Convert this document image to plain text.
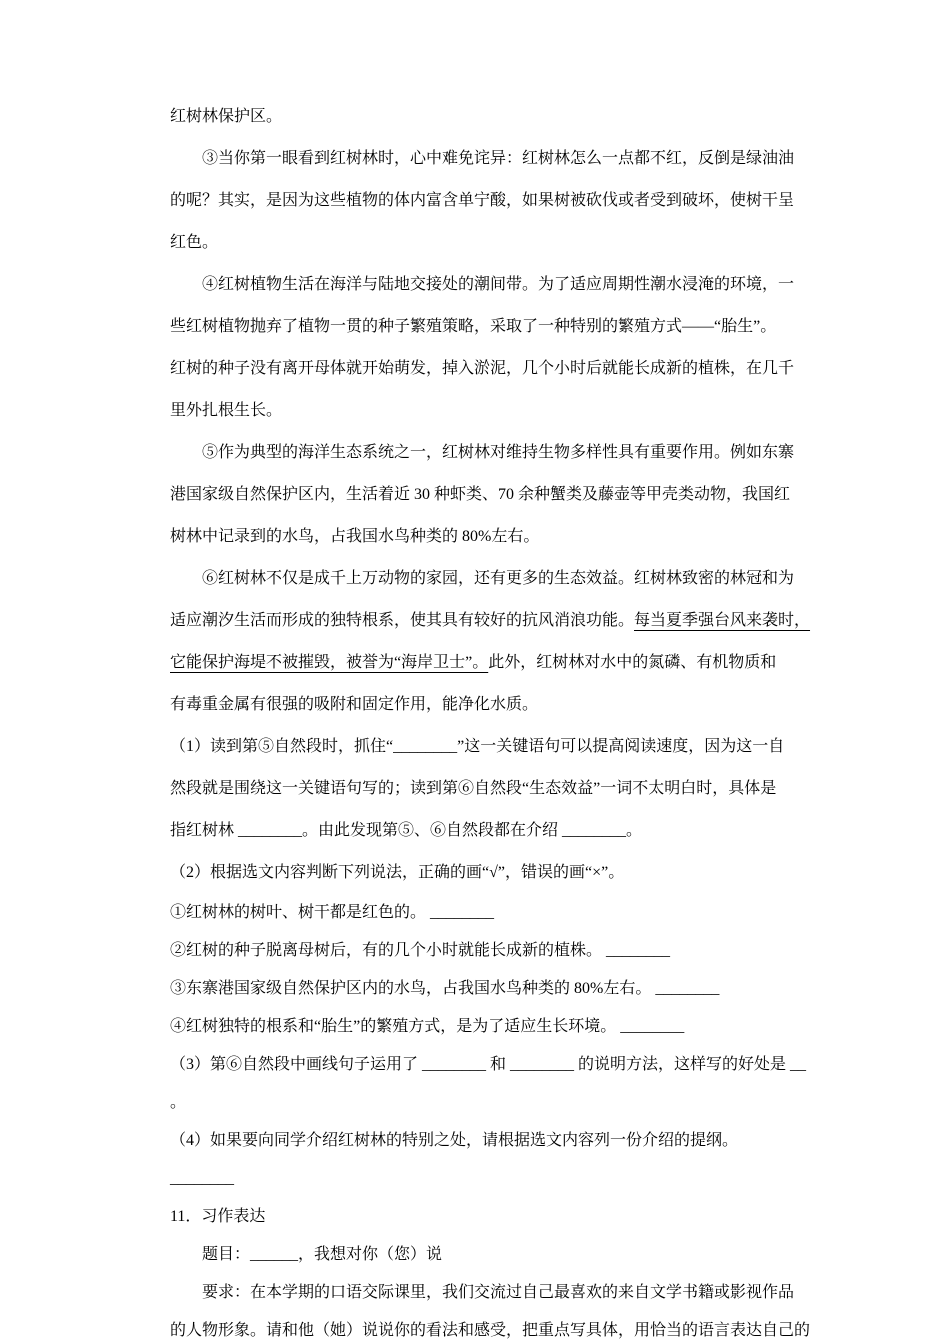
红树林保护区。
③当你第一眼看到红树林时，心中难免诧异：红树林怎么一点都不红，反倒是绿油油
的呢？其实，是因为这些植物的体内富含单宁酸，如果树被砍伐或者受到破坏，使树干呈
红色。
④红树植物生活在海洋与陆地交接处的潮间带。为了适应周期性潮水浸淹的环境，一
些红树植物抛弃了植物一贯的种子繁殖策略，采取了一种特别的繁殖方式——“胎生”。
红树的种子没有离开母体就开始萌发，掉入淤泥，几个小时后就能长成新的植株，在几千
里外扎根生长。
⑤作为典型的海洋生态系统之一，红树林对维持生物多样性具有重要作用。例如东寨
港国家级自然保护区内，生活着近 30 种虾类、70 余种蟹类及藤壶等甲壳类动物，我国红
树林中记录到的水鸟，占我国水鸟种类的 80%左右。
⑥红树林不仅是成千上万动物的家园，还有更多的生态效益。红树林致密的林冠和为
适应潮汐生活而形成的独特根系，使其具有较好的抗风消浪功能。每当夏季强台风来袭时，
它能保护海堤不被摧毁，被誉为“海岸卫士”。此外，红树林对水中的氮磷、有机物质和
有毒重金属有很强的吸附和固定作用，能净化水质。
（1）读到第⑤自然段时，抓住“________”这一关键语句可以提高阅读速度，因为这一自
然段就是围绕这一关键语句写的；读到第⑥自然段“生态效益”一词不太明白时，具体是
指红树林 ________。由此发现第⑤、⑥自然段都在介绍 ________。
（2）根据选文内容判断下列说法，正确的画“√”，错误的画“×”。
①红树林的树叶、树干都是红色的。 ________
②红树的种子脱离母树后，有的几个小时就能长成新的植株。 ________
③东寨港国家级自然保护区内的水鸟，占我国水鸟种类的 80%左右。 ________
④红树独特的根系和“胎生”的繁殖方式，是为了适应生长环境。 ________
（3）第⑥自然段中画线句子运用了 ________ 和 ________ 的说明方法，这样写的好处是 __
。
（4）如果要向同学介绍红树林的特别之处，请根据选文内容列一份介绍的提纲。
________
11．习作表达
题目：______，我想对你（您）说
要求：在本学期的口语交际课里，我们交流过自己最喜欢的来自文学书籍或影视作品
的人物形象。请和他（她）说说你的看法和感受，把重点写具体，用恰当的语言表达自己的
